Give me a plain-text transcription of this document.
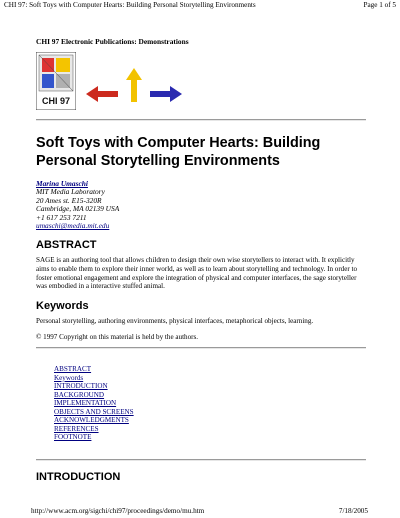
CHI 97: Soft Toys with Computer Hearts: Building Personal Storytelling Environments	Page 1 of 5

CHI 97 Electronic Publications: Demonstrations

CHI 97
Soft Toys with Computer Hearts: Building Personal Storytelling Environments
Marina Umaschi
MIT Media Laboratory
20 Ames st. E15-320R
Cambridge, MA 02139 USA
+1 617 253 7211
umaschi@media.mit.edu
ABSTRACT

SAGE is an authoring tool that allows children to design their own wise storytellers to interact with. It explicitly aims to enable them to explore their inner world, as well as to learn about storytelling and technology. In order to foster emotional engagement and explore the integration of physical and computer interfaces, the sage storyteller was embodied in a interactive stuffed animal.

Keywords

Personal storytelling, authoring environments, physical interfaces, metaphorical objects, learning.

© 1997 Copyright on this material is held by the authors.

ABSTRACT
Keywords
INTRODUCTION
BACKGROUND
IMPLEMENTATION
OBJECTS AND SCREENS
ACKNOWLEDGMENTS
REFERENCES
FOOTNOTE
INTRODUCTION
http://www.acm.org/sigchi/chi97/proceedings/demo/mu.htm	7/18/2005
